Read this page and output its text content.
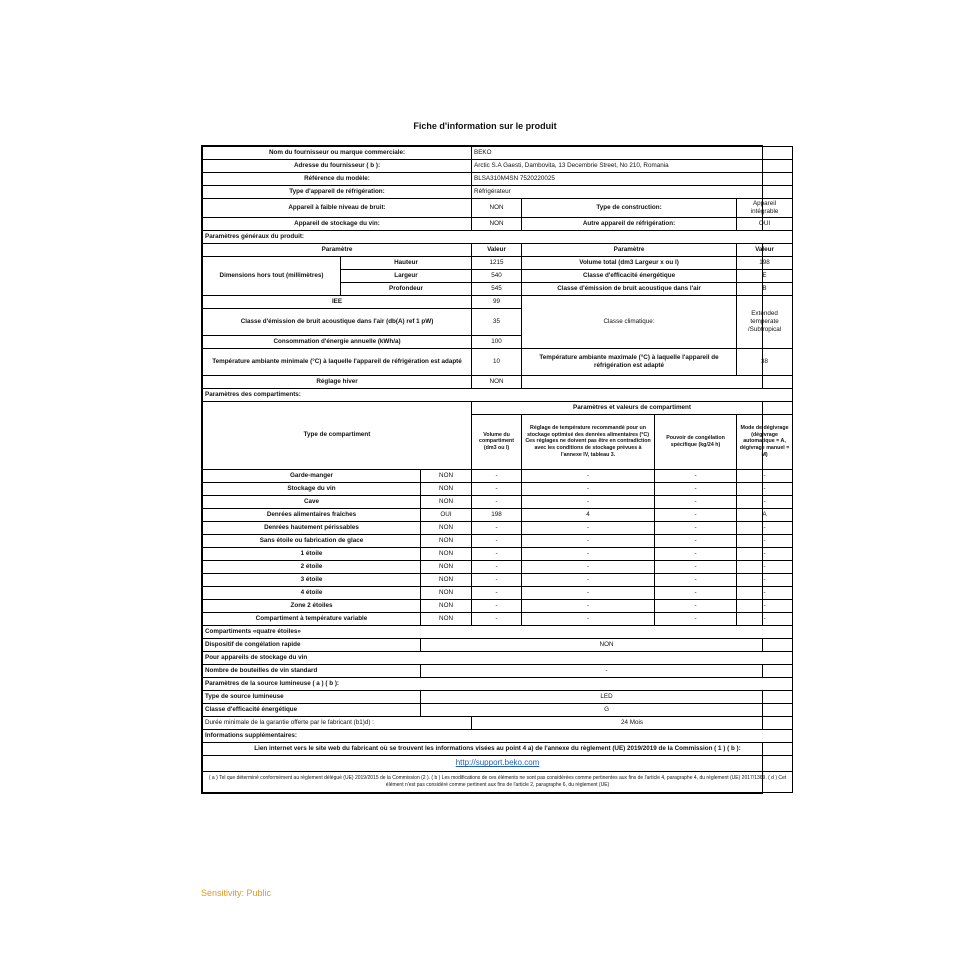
Fiche d'information sur le produit
Nom du fournisseur ou marque commerciale:			BEKO			
Adresse du fournisseur ( b ):			Arctic S.A Gaesti, Dambovita, 13 Decembrie Street, No 210, Romania			
Référence du modèle:			BLSA310M4SN 7520220025			
Type d'appareil de réfrigération:			Réfrigérateur			
Appareil à faible niveau de bruit:			NON	Type de construction:		Appareil intégrable
Appareil de stockage du vin:			NON	Autre appareil de réfrigération:		OUI
Paramètres généraux du produit:						
Paramètre			Valeur	Paramètre		Valeur
Dimensions hors tout (millimètres)	Hauteur		1215	Volume total (dm3 Largeur x ou l)		198
	Largeur		540	Classe d'efficacité énergétique		E
	Profondeur		545	Classe d'émission de bruit acoustique dans l'air		B
IEE			99	Classe climatique:		Extended temperate /Subtropical
Classe d'émission de bruit acoustique dans l'air (db(A) ref 1 pW)			35			
Consommation d'énergie annuelle (kWh/a)			100			
Température ambiante minimale (°C) à laquelle l'appareil de réfrigération est adapté			10	Température ambiante maximale (°C) à laquelle l'appareil de réfrigération est adapté		38
Réglage hiver			NON			
Paramètres des compartiments:						
Type de compartiment			Paramètres et valeurs de compartiment			
			Volume du compartiment (dm3 ou l)	Réglage de température recommandé pour un stockage optimisé des denrées alimentaires (°C) Ces réglages ne doivent pas être en contradiction avec les conditions de stockage prévues à l'annexe IV, tableau 3.	Pouvoir de congélation spécifique (kg/24 h)	Mode de dégivrage (dégivrage automatique = A, dégivrage manuel = M)
Garde-manger		NON	-	-	-	-
Stockage du vin		NON	-	-	-	-
Cave		NON	-	-	-	-
Denrées alimentaires fraîches		OUI	198	4	-	A
Denrées hautement périssables		NON	-	-	-	-
Sans étoile ou fabrication de glace		NON	-	-	-	-
1 étoile		NON	-	-	-	-
2 étoile		NON	-	-	-	-
3 étoile		NON	-	-	-	-
4 étoile		NON	-	-	-	-
Zone 2 étoiles		NON	-	-	-	-
Compartiment à température variable		NON	-	-	-	-
Compartiments «quatre étoiles»						
Dispositif de congélation rapide		NON				
Pour appareils de stockage du vin						
Nombre de bouteilles de vin standard		-				
Paramètres de la source lumineuse ( a ) ( b ):						
Type de source lumineuse		LED				
Classe d'efficacité énergétique		G				
Durée minimale de la garantie offerte par le fabricant (b1)d) :			24 Mois			
Informations supplémentaires:						
Lien internet vers le site web du fabricant où se trouvent les informations visées au point 4 a) de l'annexe du règlement (UE) 2019/2019 de la Commission ( 1 ) ( b ):						
http://support.beko.com						
( a ) Tel que déterminé conformément au règlement délégué (UE) 2019/2015 de la Commission (2 ). ( b ) Les modifications de ces éléments ne sont pas considérées comme pertinentes aux fins de l'article 4, paragraphe 4, du règlement (UE) 2017/1369. ( d ) Cet élément n'est pas considéré comme pertinent aux fins de l'article 2, paragraphe 6, du règlement (UE)						
Sensitivity: Public
